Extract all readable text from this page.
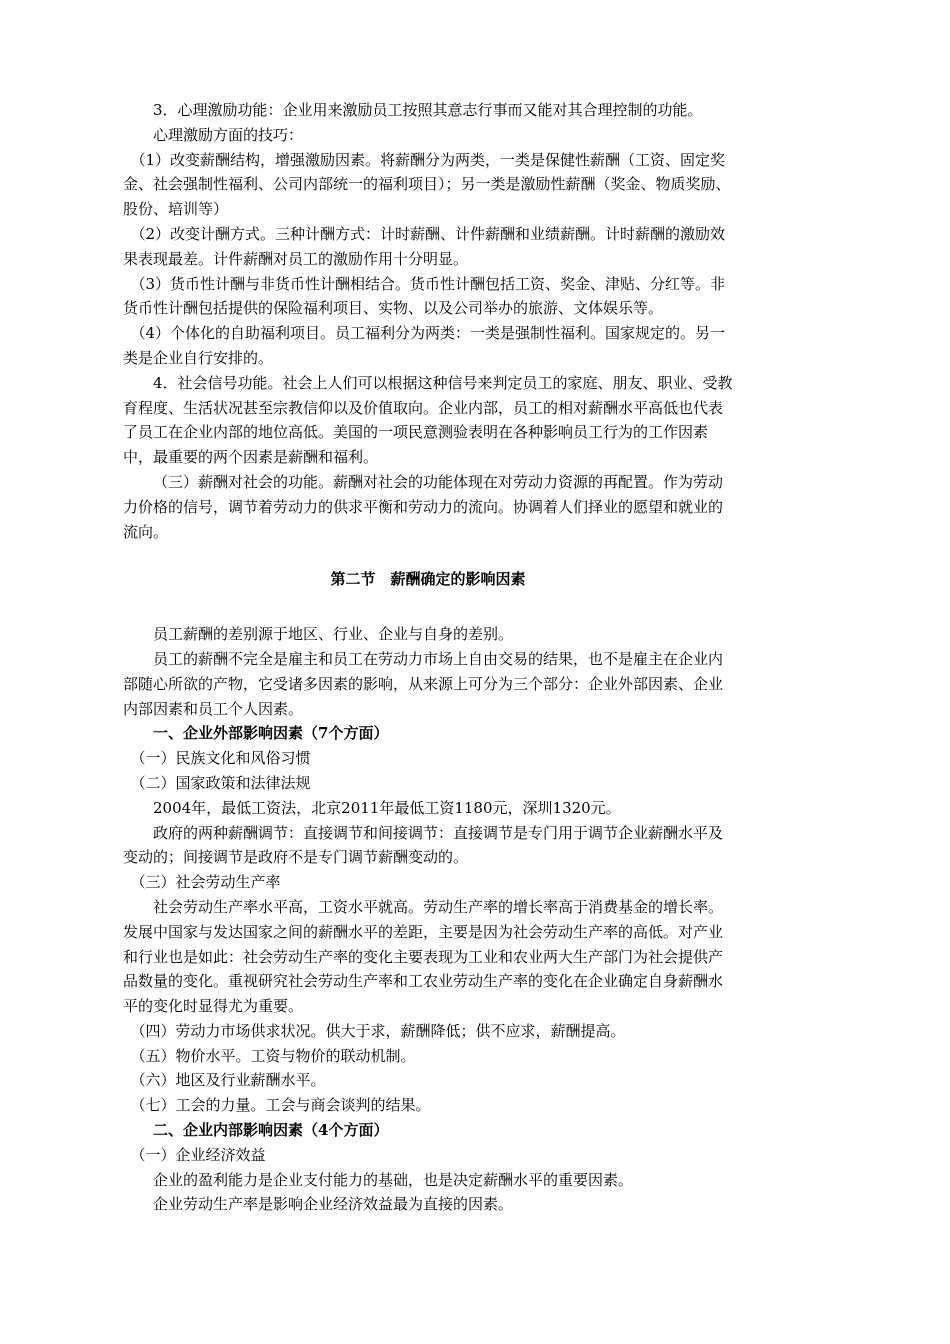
3．心理激励功能：企业用来激励员工按照其意志行事而又能对其合理控制的功能。

心理激励方面的技巧：

（1）改变薪酬结构，增强激励因素。将薪酬分为两类，一类是保健性薪酬（工资、固定奖金、社会强制性福利、公司内部统一的福利项目）；另一类是激励性薪酬（奖金、物质奖励、股份、培训等）

（2）改变计酬方式。三种计酬方式：计时薪酬、计件薪酬和业绩薪酬。计时薪酬的激励效果表现最差。计件薪酬对员工的激励作用十分明显。

（3）货币性计酬与非货币性计酬相结合。货币性计酬包括工资、奖金、津贴、分红等。非货币性计酬包括提供的保险福利项目、实物、以及公司举办的旅游、文体娱乐等。

（4）个体化的自助福利项目。员工福利分为两类：一类是强制性福利。国家规定的。另一类是企业自行安排的。

4．社会信号功能。社会上人们可以根据这种信号来判定员工的家庭、朋友、职业、受教育程度、生活状况甚至宗教信仰以及价值取向。企业内部，员工的相对薪酬水平高低也代表了员工在企业内部的地位高低。美国的一项民意测验表明在各种影响员工行为的工作因素中，最重要的两个因素是薪酬和福利。

（三）薪酬对社会的功能。薪酬对社会的功能体现在对劳动力资源的再配置。作为劳动力价格的信号，调节着劳动力的供求平衡和劳动力的流向。协调着人们择业的愿望和就业的流向。

第二节　薪酬确定的影响因素

员工薪酬的差别源于地区、行业、企业与自身的差别。

员工的薪酬不完全是雇主和员工在劳动力市场上自由交易的结果，也不是雇主在企业内部随心所欲的产物，它受诸多因素的影响，从来源上可分为三个部分：企业外部因素、企业内部因素和员工个人因素。

一、企业外部影响因素（7个方面）

（一）民族文化和风俗习惯

（二）国家政策和法律法规

2004年，最低工资法，北京2011年最低工资1180元，深圳1320元。

政府的两种薪酬调节：直接调节和间接调节：直接调节是专门用于调节企业薪酬水平及变动的；间接调节是政府不是专门调节薪酬变动的。

（三）社会劳动生产率

社会劳动生产率水平高，工资水平就高。劳动生产率的增长率高于消费基金的增长率。发展中国家与发达国家之间的薪酬水平的差距，主要是因为社会劳动生产率的高低。对产业和行业也是如此：社会劳动生产率的变化主要表现为工业和农业两大生产部门为社会提供产品数量的变化。重视研究社会劳动生产率和工农业劳动生产率的变化在企业确定自身薪酬水平的变化时显得尤为重要。

（四）劳动力市场供求状况。供大于求，薪酬降低；供不应求，薪酬提高。

（五）物价水平。工资与物价的联动机制。

（六）地区及行业薪酬水平。

（七）工会的力量。工会与商会谈判的结果。

二、企业内部影响因素（4个方面）

（一）企业经济效益

企业的盈利能力是企业支付能力的基础，也是决定薪酬水平的重要因素。

企业劳动生产率是影响企业经济效益最为直接的因素。
